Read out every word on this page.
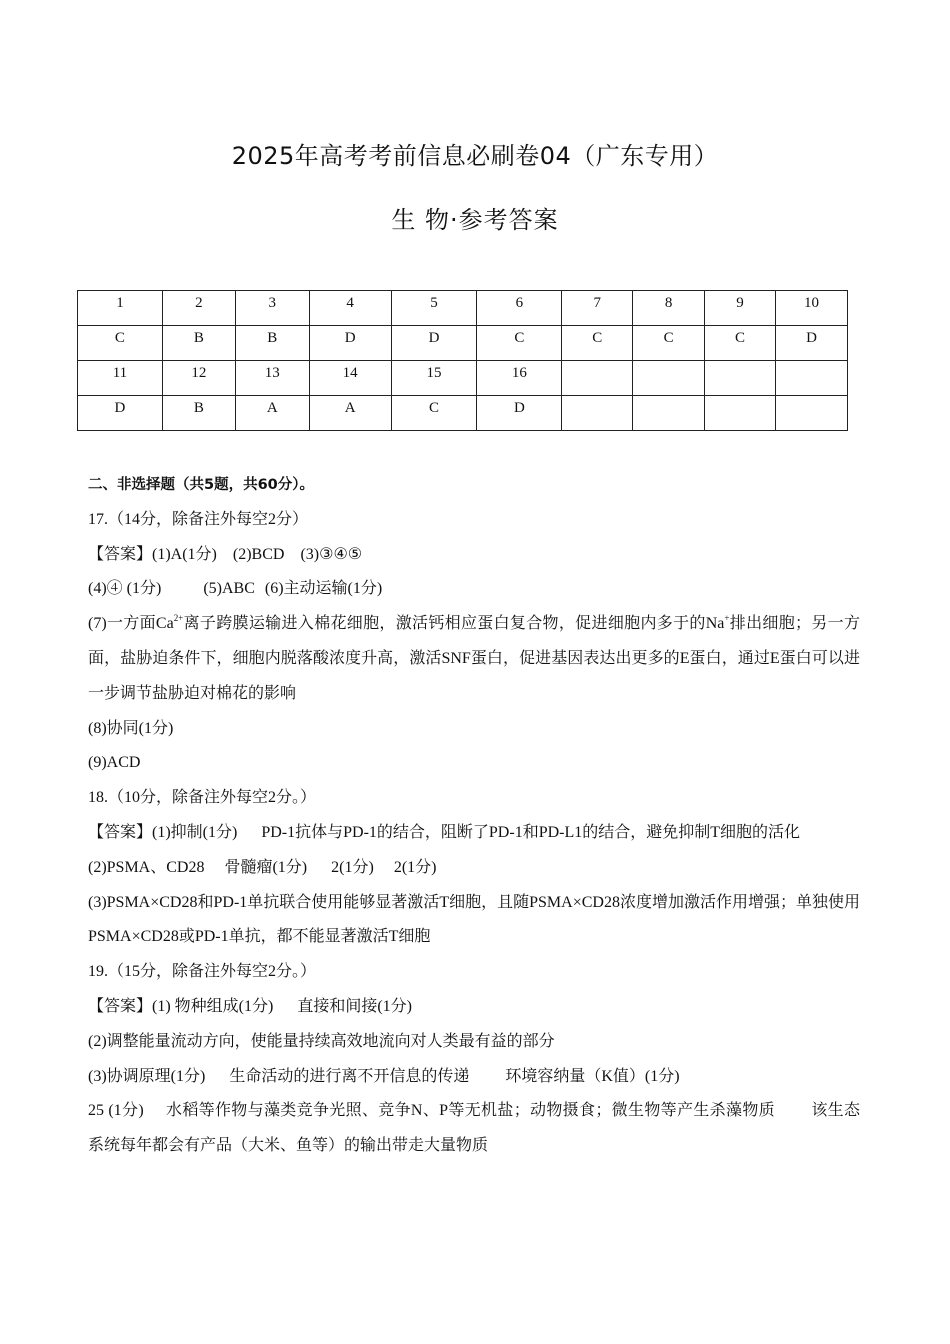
2025年高考考前信息必刷卷04（广东专用）
生 物·参考答案
1	2	3	4	5	6	7	8	9	10
C	B	B	D	D	C	C	C	C	D
11	12	13	14	15	16				
D	B	A	A	C	D				
二、非选择题（共5题，共60分）。
17.（14分，除备注外每空2分）
【答案】(1)A(1分) (2)BCD (3)③④⑤
(4)④ (1分)	(5)ABC (6)主动运输(1分)
(7)一方面$Ca^{2+}$离子跨膜运输进入棉花细胞，激活钙相应蛋白复合物，促进细胞内多于的Na+排出细胞；另一方面，盐胁迫条件下，细胞内脱落酸浓度升高，激活SNF蛋白，促进基因表达出更多的E蛋白，通过E蛋白可以进一步调节盐胁迫对棉花的影响
(8)协同(1分)
(9)ACD
18.（10分，除备注外每空2分。）
【答案】(1)抑制(1分) PD-1抗体与PD-1的结合，阻断了PD-1和PD-L1的结合，避免抑制T细胞的活化
(2)PSMA、CD28 骨髓瘤(1分) 2(1分) 2(1分)
(3)PSMA×CD28和PD-1单抗联合使用能够显著激活T细胞，且随PSMA×CD28浓度增加激活作用增强；单独使用PSMA×CD28或PD-1单抗，都不能显著激活T细胞
19.（15分，除备注外每空2分。）
【答案】(1) 物种组成(1分) 直接和间接(1分)
(2)调整能量流动方向，使能量持续高效地流向对人类最有益的部分
(3)协调原理(1分) 生命活动的进行离不开信息的传递 环境容纳量（K值）(1分)
25 (1分) 水稻等作物与藻类竞争光照、竞争N、P等无机盐；动物摄食；微生物等产生杀藻物质 该生态系统每年都会有产品（大米、鱼等）的输出带走大量物质
